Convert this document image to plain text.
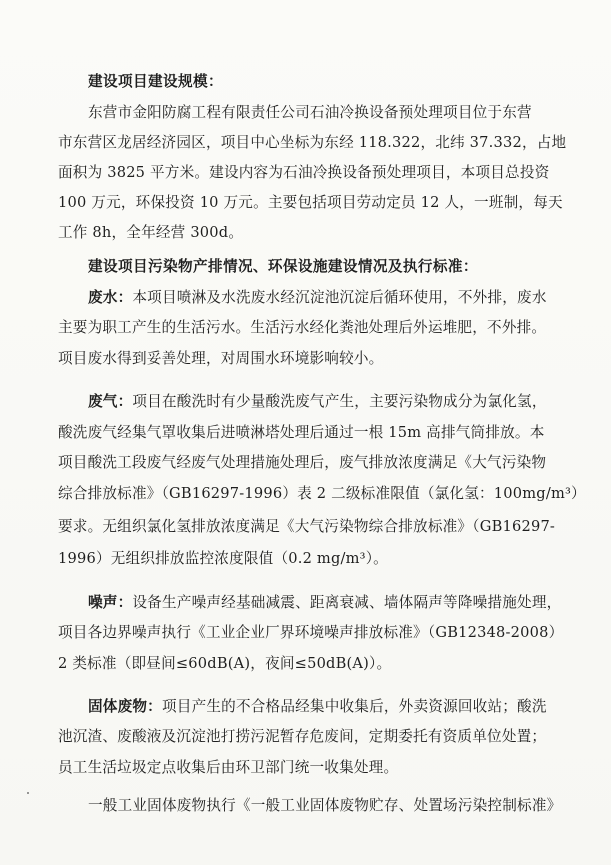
建设项目建设规模：
东营市金阳防腐工程有限责任公司石油冷换设备预处理项目位于东营
市东营区龙居经济园区，项目中心坐标为东经 118.322，北纬 37.332，占地
面积为 3825 平方米。建设内容为石油冷换设备预处理项目，本项目总投资
100 万元，环保投资 10 万元。主要包括项目劳动定员 12 人，一班制，每天
工作 8h，全年经营 300d。
建设项目污染物产排情况、环保设施建设情况及执行标准：
废水：本项目喷淋及水洗废水经沉淀池沉淀后循环使用，不外排，废水
主要为职工产生的生活污水。生活污水经化粪池处理后外运堆肥，不外排。
项目废水得到妥善处理，对周围水环境影响较小。
废气：项目在酸洗时有少量酸洗废气产生，主要污染物成分为氯化氢，
酸洗废气经集气罩收集后进喷淋塔处理后通过一根 15m 高排气筒排放。本
项目酸洗工段废气经废气处理措施处理后，废气排放浓度满足《大气污染物
综合排放标准》（GB16297-1996）表 2 二级标准限值（氯化氢：100mg/m³）
要求。无组织氯化氢排放浓度满足《大气污染物综合排放标准》（GB16297-
1996）无组织排放监控浓度限值（0.2 mg/m³）。
噪声：设备生产噪声经基础减震、距离衰减、墙体隔声等降噪措施处理，
项目各边界噪声执行《工业企业厂界环境噪声排放标准》（GB12348-2008）
2 类标准（即昼间≤60dB(A)，夜间≤50dB(A)）。
固体废物：项目产生的不合格品经集中收集后，外卖资源回收站；酸洗
池沉渣、废酸液及沉淀池打捞污泥暂存危废间，定期委托有资质单位处置；
员工生活垃圾定点收集后由环卫部门统一收集处理。
一般工业固体废物执行《一般工业固体废物贮存、处置场污染控制标准》
